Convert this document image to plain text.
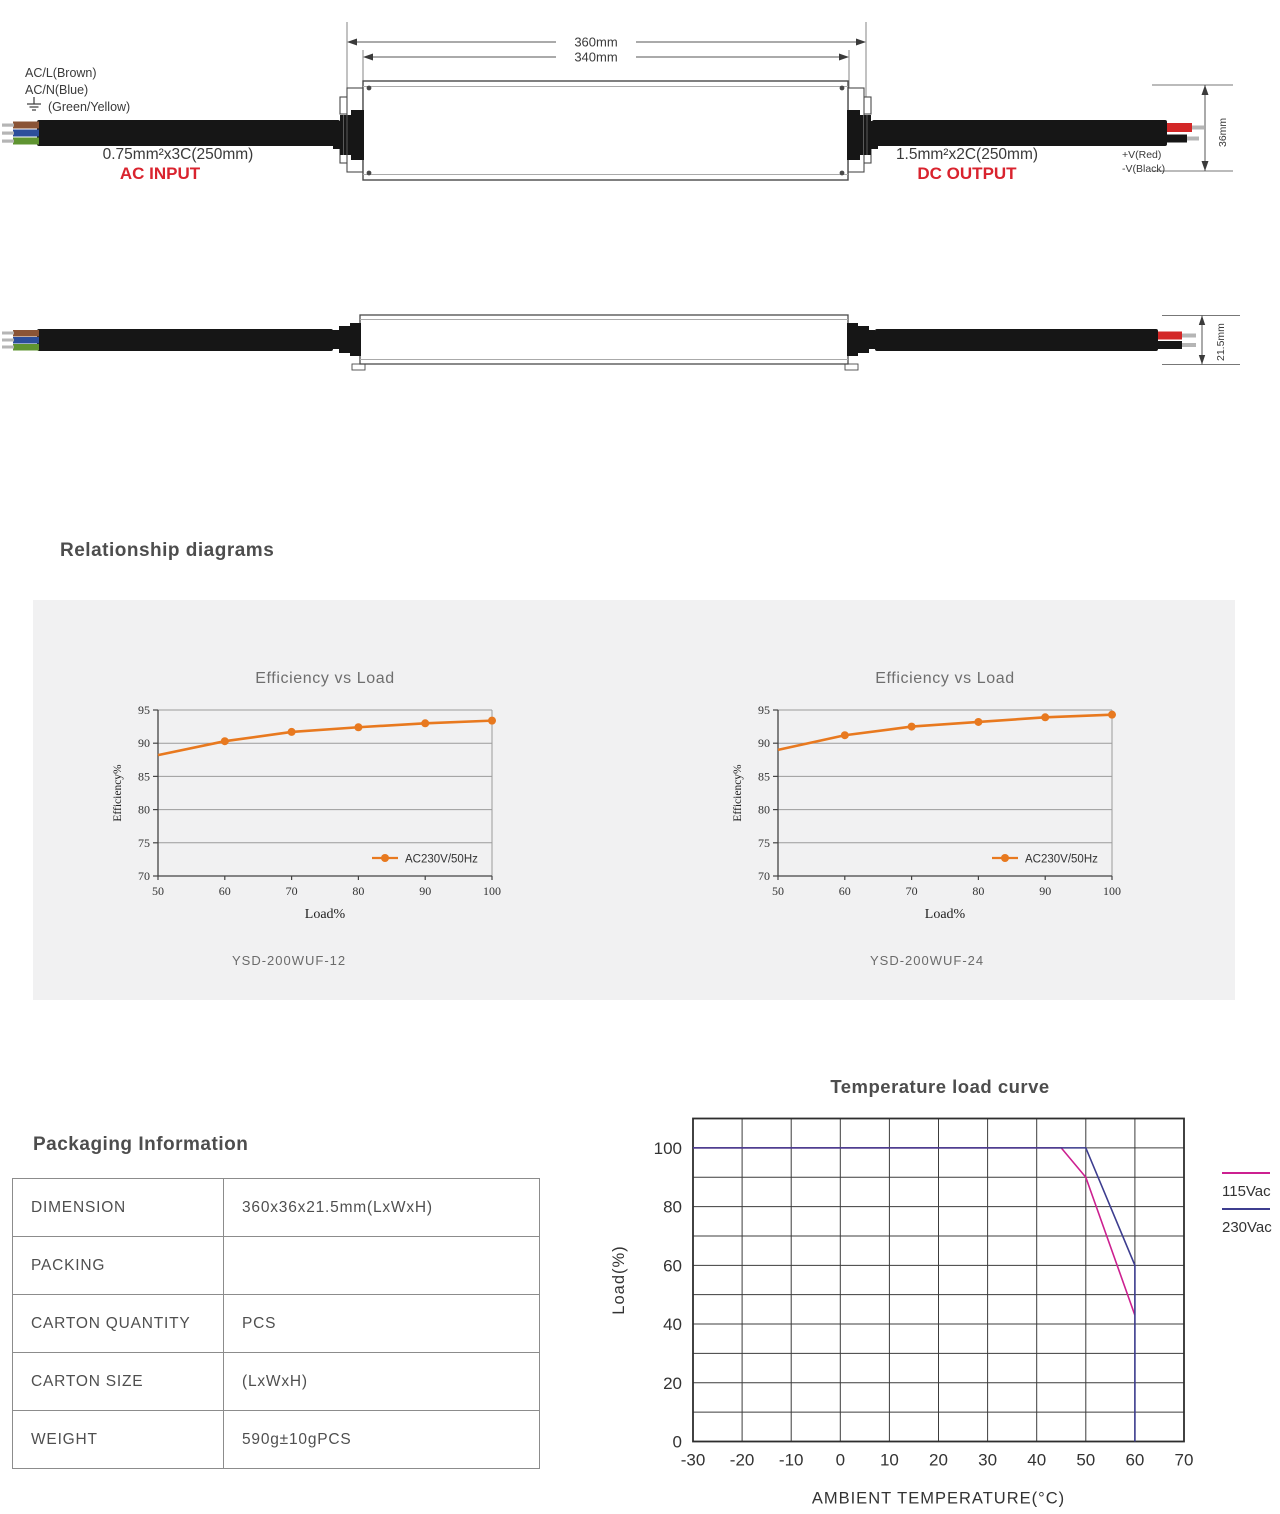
360mm
340mm
36mm
AC/L(Brown)
AC/N(Blue)
(Green/Yellow)
0.75mm²x3C(250mm)
AC INPUT
1.5mm²x2C(250mm)
DC OUTPUT
+V(Red)
-V(Black)
21.5mm
Relationship diagrams
Efficiency vs Load
70
75
80
85
90
95
50	60	70	80	90	100
Load%
Efficiency%
AC230V/50Hz
Efficiency vs Load
70
75
80
85
90
95
50	60	70	80	90	100
Load%
Efficiency%
AC230V/50Hz
YSD-200WUF-12	YSD-200WUF-24
Packaging Information
DIMENSION	360x36x21.5mm(LxWxH)
PACKING	
CARTON QUANTITY	PCS
CARTON SIZE	(LxWxH)
WEIGHT	590g±10gPCS
Temperature load curve
0
20
40
60
80
100
-30 -20 -10 0 10 20 30 40 50 60 70
AMBIENT TEMPERATURE(°C)
Load(%)
115Vac
230Vac
